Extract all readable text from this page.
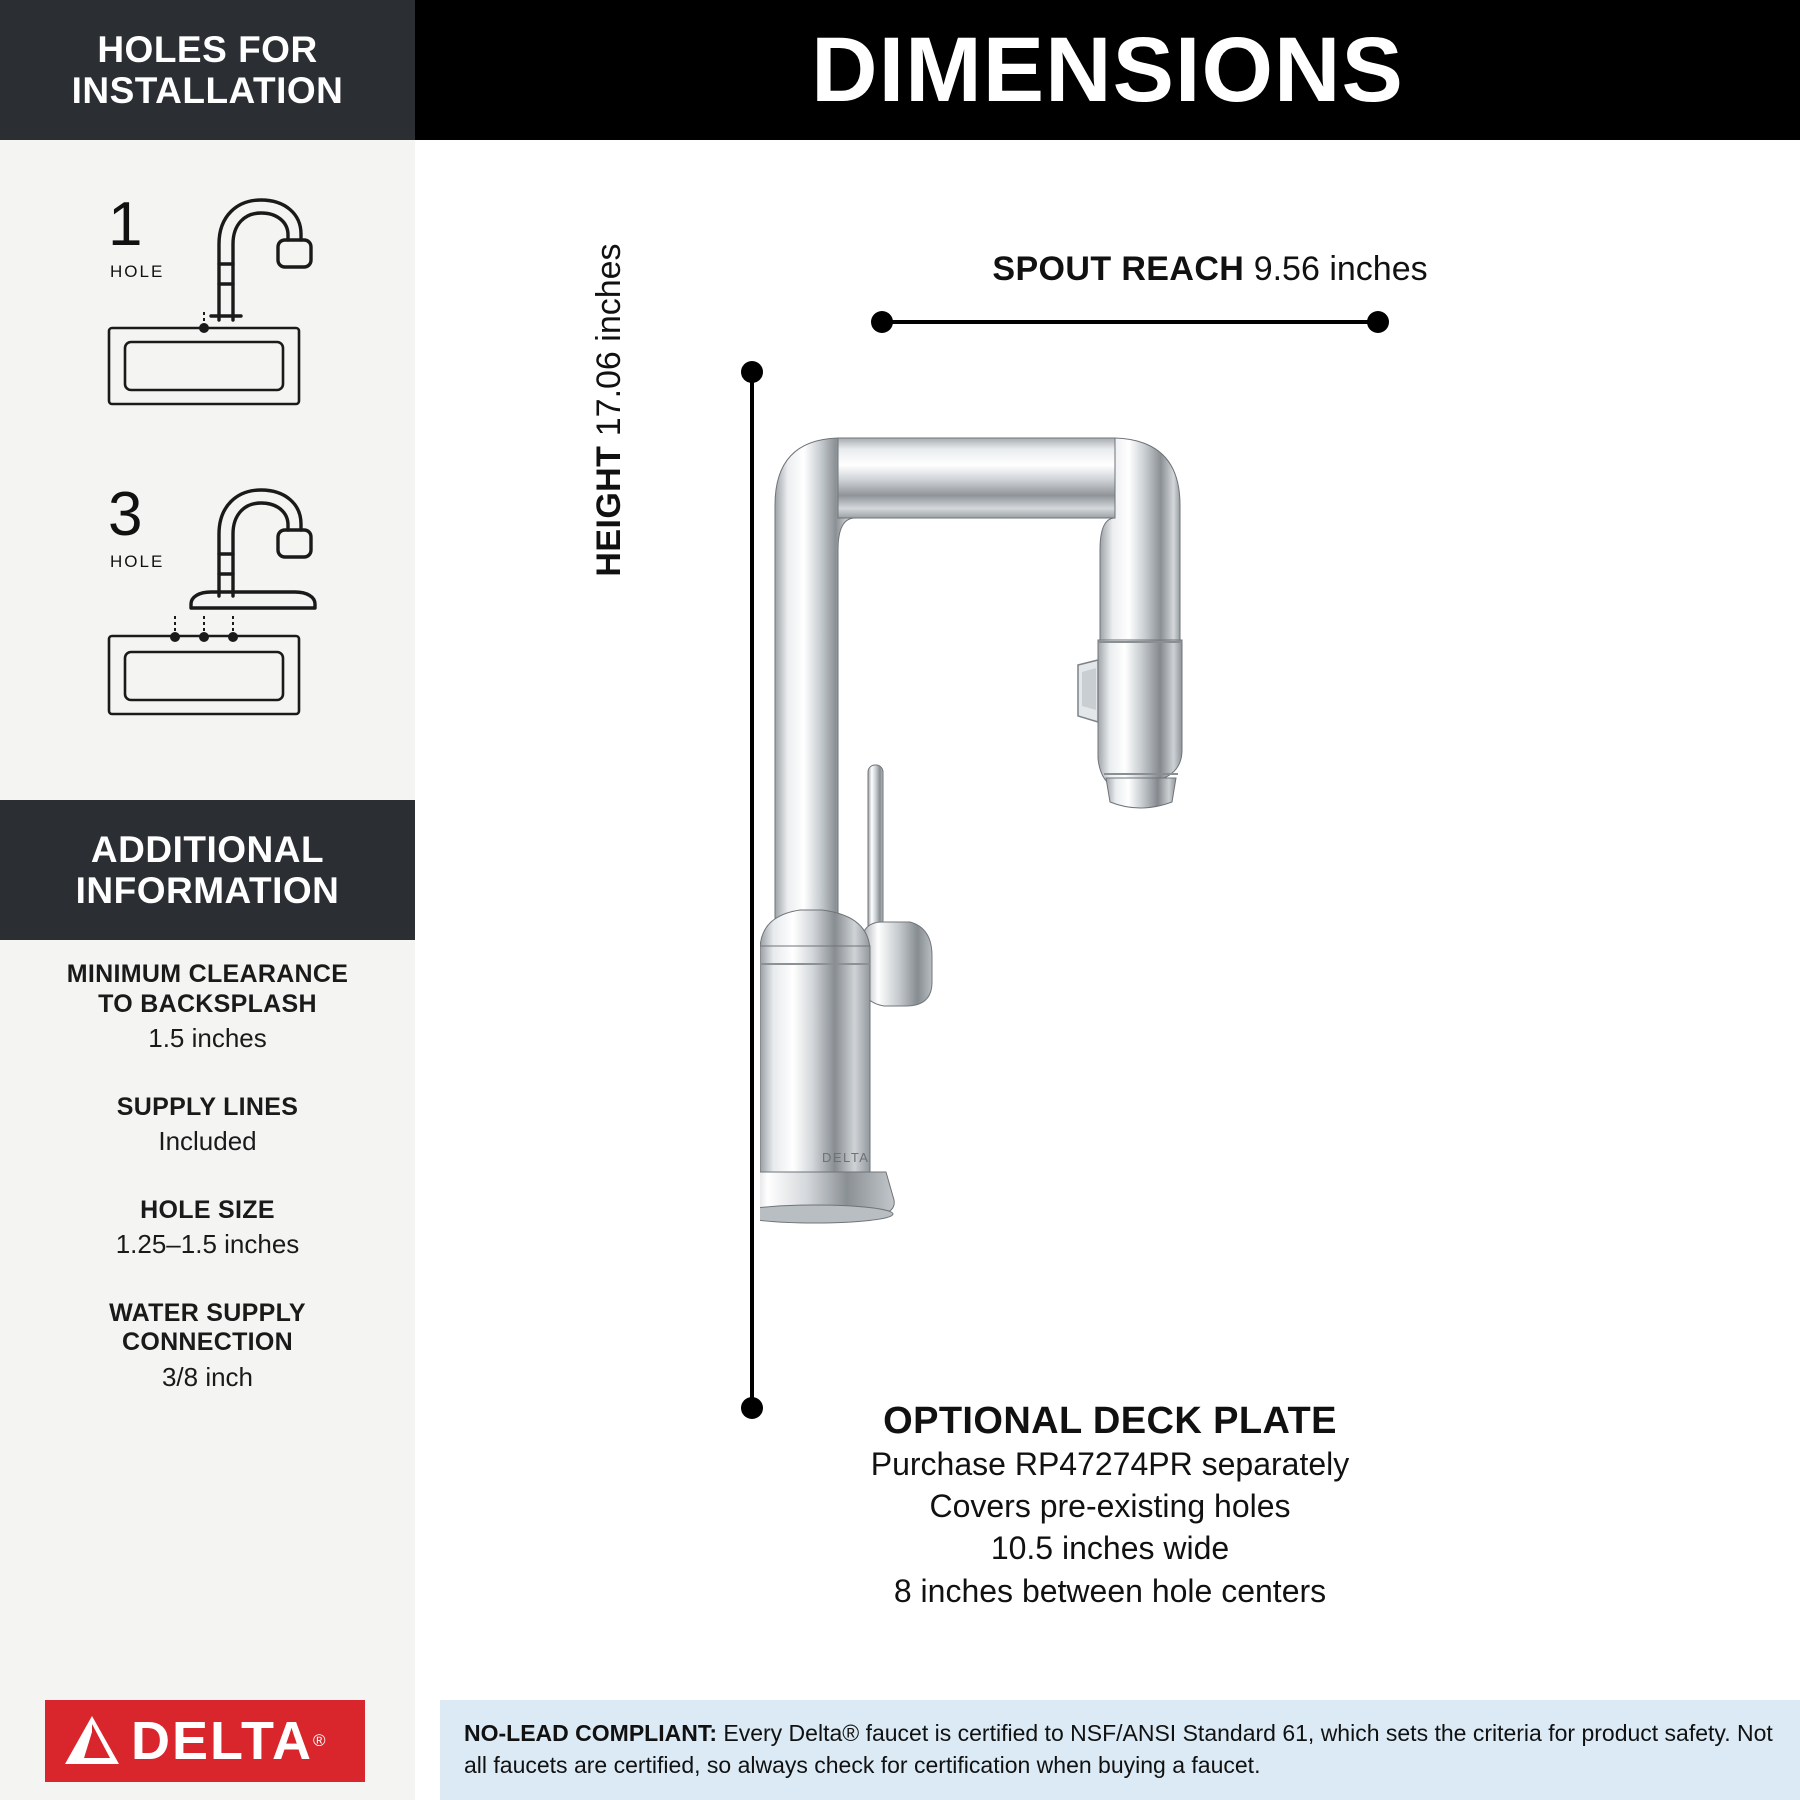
HOLES FOR
INSTALLATION
1
HOLE
3
HOLE
ADDITIONAL
INFORMATION
MINIMUM CLEARANCE
TO BACKSPLASH
1.5 inches
SUPPLY LINES
Included
HOLE SIZE
1.25–1.5 inches
WATER SUPPLY
CONNECTION
3/8 inch
DELTA ®
DIMENSIONS
SPOUT REACH 9.56 inches
HEIGHT 17.06 inches
DELTA
OPTIONAL DECK PLATE
Purchase RP47274PR separately
Covers pre-existing holes
10.5 inches wide
8 inches between hole centers

NO-LEAD COMPLIANT: Every Delta® faucet is certified to NSF/ANSI Standard 61, which sets the criteria for product safety. Not all faucets are certified, so always check for certification when buying a faucet.
